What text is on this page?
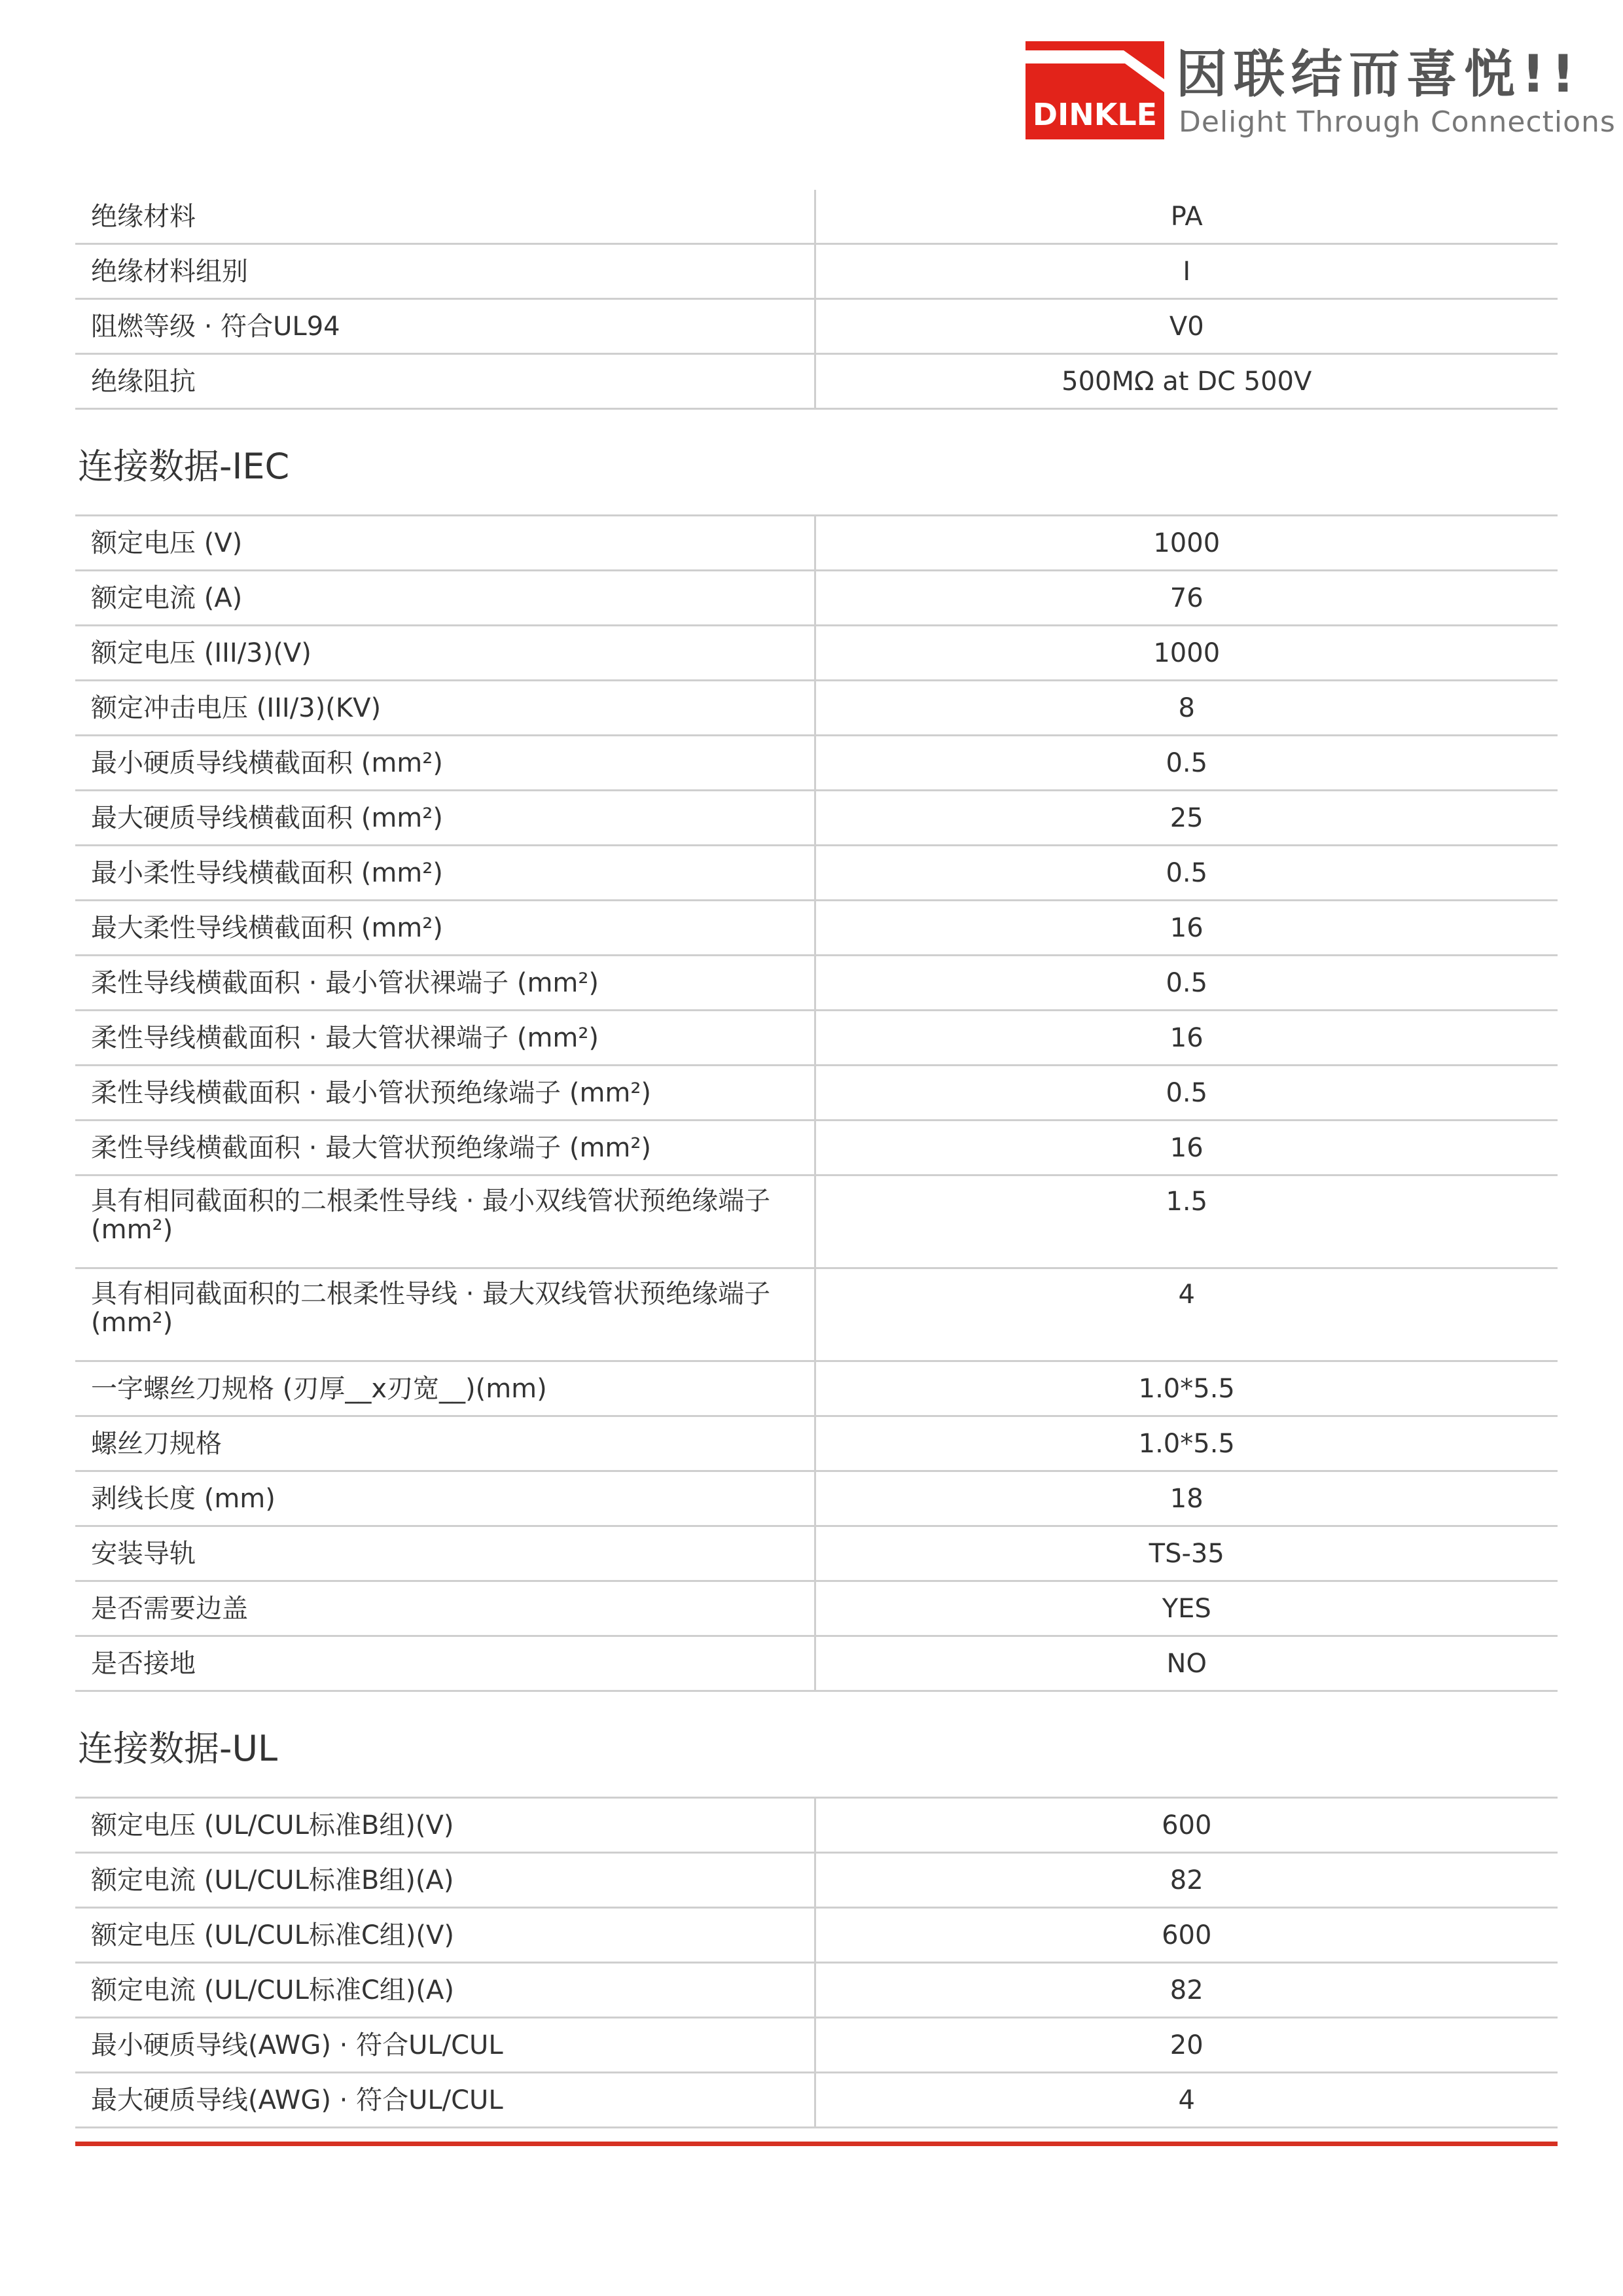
DINKLE
因联结而喜悦!!
Delight Through Connections
绝缘材料	PA
绝缘材料组别	I
阻燃等级 · 符合UL94	V0
绝缘阻抗	500MΩ at DC 500V
连接数据-IEC
额定电压 (V)	1000
额定电流 (A)	76
额定电压 (III/3)(V)	1000
额定冲击电压 (III/3)(KV)	8
最小硬质导线横截面积 (mm²)	0.5
最大硬质导线横截面积 (mm²)	25
最小柔性导线横截面积 (mm²)	0.5
最大柔性导线横截面积 (mm²)	16
柔性导线横截面积 · 最小管状裸端子 (mm²)	0.5
柔性导线横截面积 · 最大管状裸端子 (mm²)	16
柔性导线横截面积 · 最小管状预绝缘端子 (mm²)	0.5
柔性导线横截面积 · 最大管状预绝缘端子 (mm²)	16
具有相同截面积的二根柔性导线 · 最小双线管状预绝缘端子 (mm²)	1.5
具有相同截面积的二根柔性导线 · 最大双线管状预绝缘端子 (mm²)	4
一字螺丝刀规格 (刃厚__x刃宽__)(mm)	1.0*5.5
螺丝刀规格	1.0*5.5
剥线长度 (mm)	18
安装导轨	TS-35
是否需要边盖	YES
是否接地	NO
连接数据-UL
额定电压 (UL/CUL标准B组)(V)	600
额定电流 (UL/CUL标准B组)(A)	82
额定电压 (UL/CUL标准C组)(V)	600
额定电流 (UL/CUL标准C组)(A)	82
最小硬质导线(AWG) · 符合UL/CUL	20
最大硬质导线(AWG) · 符合UL/CUL	4
